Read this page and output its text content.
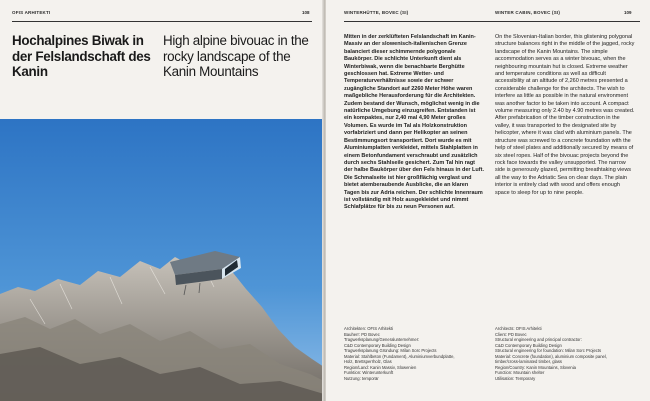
OFIS ARHITEKTI	108
Hochalpines Biwak in der Felslandschaft des Kanin
High alpine bivouac in the rocky landscape of the Kanin Mountains
WINTERHÜTTE, BOVEC (SI)	WINTER CABIN, BOVEC (SI)	109
Mitten in der zerklüfteten Felslandschaft im Kanin-Massiv an der slowenisch-italienischen Grenze balanciert dieser schimmernde polygonale Baukörper. Die schlichte Unterkunft dient als Winterbiwak, wenn die benachbarte Berghütte geschlossen hat. Extreme Wetter- und Temperaturverhältnisse sowie der schwer zugängliche Standort auf 2260 Meter Höhe waren maßgebliche Herausforderung für die Architekten. Zudem bestand der Wunsch, möglichst wenig in die natürliche Umgebung einzugreifen. Entstanden ist ein kompaktes, nur 2,40 mal 4,90 Meter großes Volumen. Es wurde im Tal als Holzkonstruktion vorfabriziert und dann per Helikopter an seinen Bestimmungsort transportiert. Dort wurde es mit Aluminiumplatten verkleidet, mittels Stahlplatten in einem Betonfundament verschraubt und zusätzlich durch sechs Stahlseile gesichert. Zum Tal hin ragt der halbe Baukörper über den Fels hinaus in der Luft. Die Schmalseite ist hier großflächig verglast und bietet atemberaubende Ausblicke, die an klaren Tagen bis zur Adria reichen. Der schlichte Innenraum ist vollständig mit Holz ausgekleidet und nimmt Schlafplätze für bis zu neun Personen auf.
On the Slovenian-Italian border, this glistening polygonal structure balances right in the middle of the jagged, rocky landscape of the Kanin Mountains. The simple accommodation serves as a winter bivouac, when the neighbouring mountain hut is closed. Extreme weather and temperature conditions as well as difficult accessibility at an altitude of 2,260 metres presented a considerable challenge for the architects. The wish to interfere as little as possible in the natural environment was another factor to be taken into account. A compact volume measuring only 2.40 by 4.90 metres was created. After prefabrication of the timber construction in the valley, it was transported to the designated site by helicopter, where it was clad with aluminium panels. The structure was screwed to a concrete foundation with the help of steel plates and additionally secured by means of six steel ropes. Half of the bivouac projects beyond the rock face towards the valley unsupported. The narrow side is generously glazed, permitting breathtaking views all the way to the Adriatic Sea on clear days. The plain interior is entirely clad with wood and offers enough space to sleep for up to nine people.
Architekten: OFIS Arhitekti
Bauherr: PD Bovec
Tragwerksplanung/Generalunternehmer:
C&D Contemporary Building Design
Tragwerksplanung Gründung: Milan Sorc Projects
Material: Stahlbeton (Fundament), Aluminiumverbundplatte,
Holz, Brettsperrholz, Glas
Region/Land: Kanin Massiv, Slowenien
Funktion: Winterunterkunft
Nutzung: temporär
Architects: OFIS Arhitekti
Client: PD Bovec
Structural engineering and principal contractor:
C&D Contemporary Building Design
Structural engineering for foundation: Milan Sorc Projects
Material: Concrete (foundation), aluminium composite panel,
timber/cross-laminated timber, glass
Region/Country: Kanin Mountains, Slovenia
Function: Mountain shelter
Utilisation: Temporary
